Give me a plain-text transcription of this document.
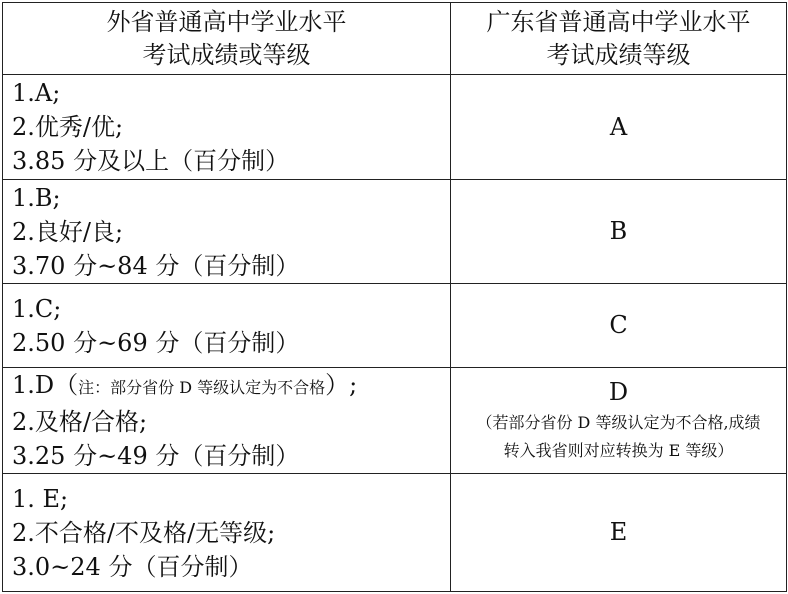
外省普通高中学业水平
考试成绩或等级	广东省普通高中学业水平
考试成绩等级

1.A;
2.优秀/优;
3.85 分及以上（百分制）	A

1.B;
2.良好/良;
3.70 分~84 分（百分制）	B

1.C;
2.50 分~69 分（百分制）	C

1.D（注：部分省份 D 等级认定为不合格）;
2.及格/合格;
3.25 分~49 分（百分制）	D
（若部分省份 D 等级认定为不合格,成绩
转入我省则对应转换为 E 等级）

1. E;
2.不合格/不及格/无等级;
3.0~24 分（百分制）	E
